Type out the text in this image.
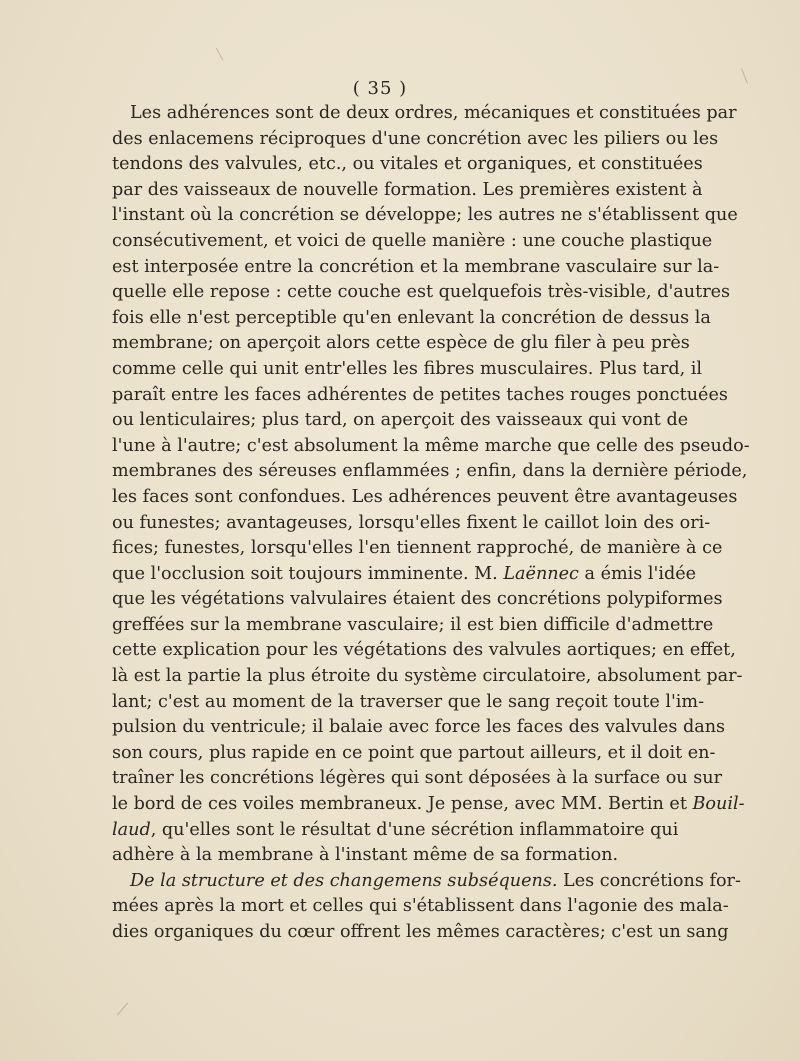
( 35 )
Les adhérences sont de deux ordres, mécaniques et constituées par
des enlacemens réciproques d'une concrétion avec les piliers ou les
tendons des valvules, etc., ou vitales et organiques, et constituées
par des vaisseaux de nouvelle formation. Les premières existent à
l'instant où la concrétion se développe; les autres ne s'établissent que
consécutivement, et voici de quelle manière : une couche plastique
est interposée entre la concrétion et la membrane vasculaire sur la-
quelle elle repose : cette couche est quelquefois très-visible, d'autres
fois elle n'est perceptible qu'en enlevant la concrétion de dessus la
membrane; on aperçoit alors cette espèce de glu filer à peu près
comme celle qui unit entr'elles les fibres musculaires. Plus tard, il
paraît entre les faces adhérentes de petites taches rouges ponctuées
ou lenticulaires; plus tard, on aperçoit des vaisseaux qui vont de
l'une à l'autre; c'est absolument la même marche que celle des pseudo-
membranes des séreuses enflammées ; enfin, dans la dernière période,
les faces sont confondues. Les adhérences peuvent être avantageuses
ou funestes; avantageuses, lorsqu'elles fixent le caillot loin des ori-
fices; funestes, lorsqu'elles l'en tiennent rapproché, de manière à ce
que l'occlusion soit toujours imminente. M. Laënnec a émis l'idée
que les végétations valvulaires étaient des concrétions polypiformes
greffées sur la membrane vasculaire; il est bien difficile d'admettre
cette explication pour les végétations des valvules aortiques; en effet,
là est la partie la plus étroite du système circulatoire, absolument par-
lant; c'est au moment de la traverser que le sang reçoit toute l'im-
pulsion du ventricule; il balaie avec force les faces des valvules dans
son cours, plus rapide en ce point que partout ailleurs, et il doit en-
traîner les concrétions légères qui sont déposées à la surface ou sur
le bord de ces voiles membraneux. Je pense, avec MM. Bertin et Bouil-
laud, qu'elles sont le résultat d'une sécrétion inflammatoire qui
adhère à la membrane à l'instant même de sa formation.
De la structure et des changemens subséquens. Les concrétions for-
mées après la mort et celles qui s'établissent dans l'agonie des mala-
dies organiques du cœur offrent les mêmes caractères; c'est un sang
